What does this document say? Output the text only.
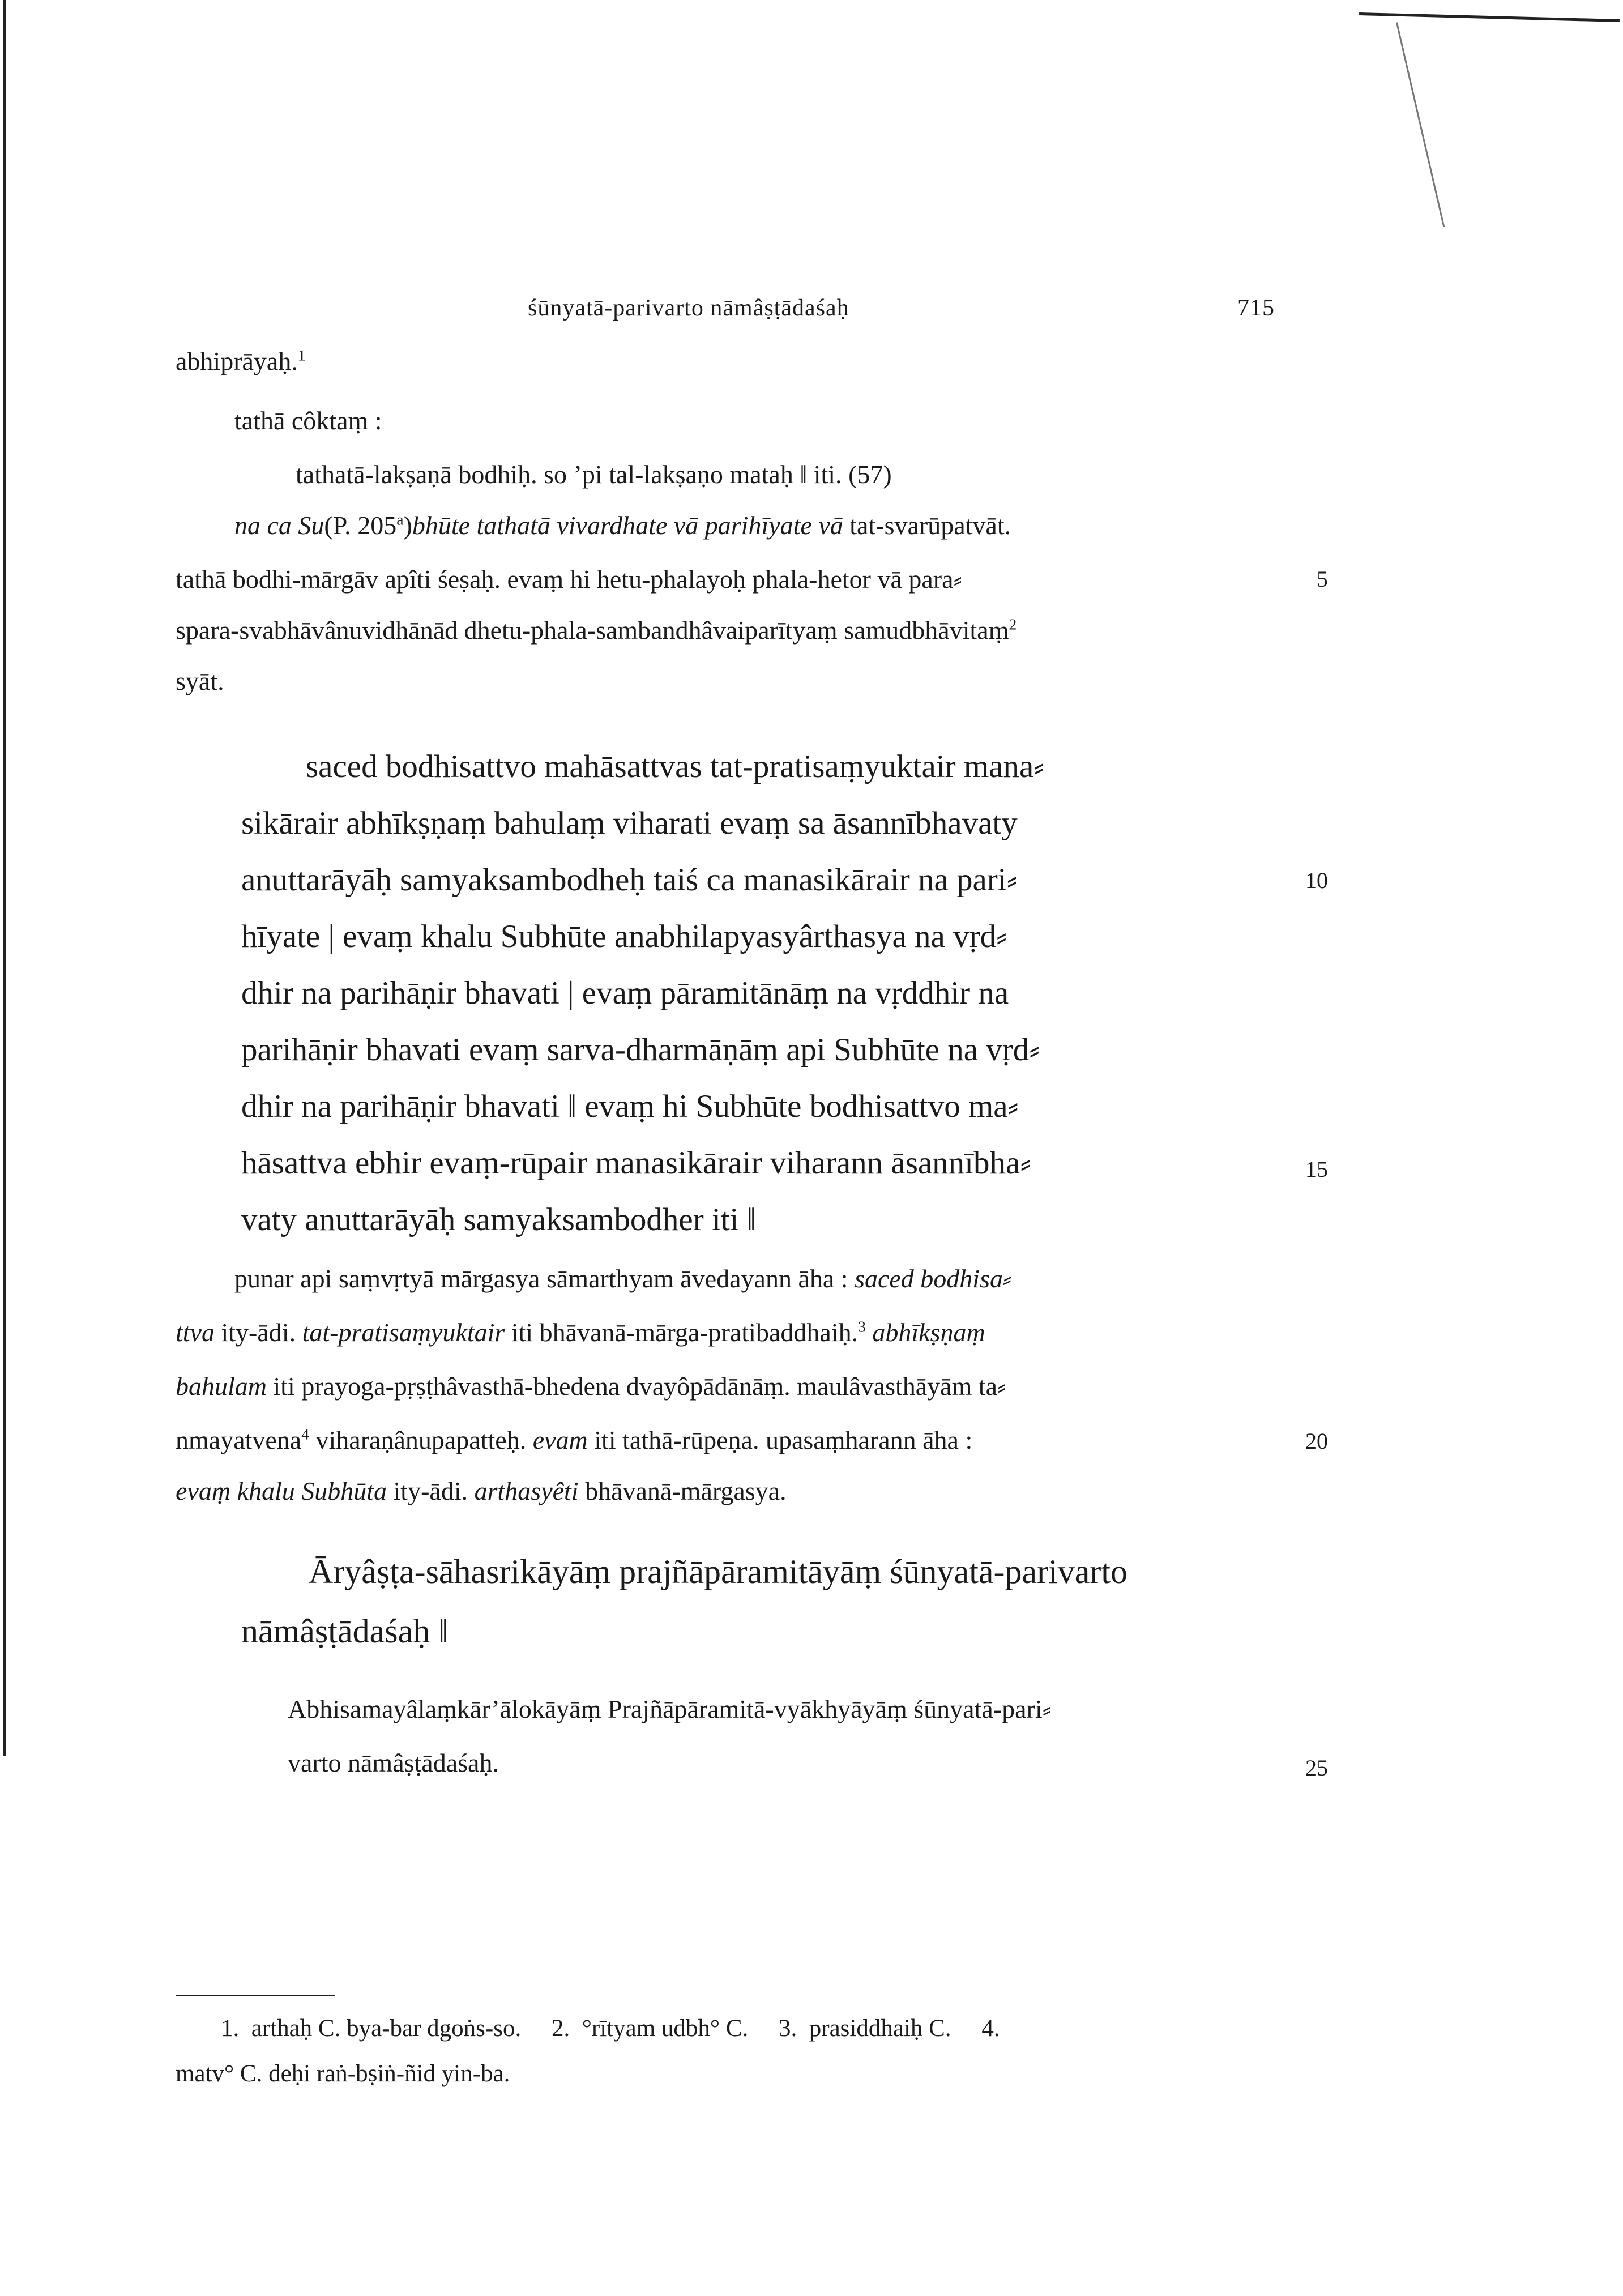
śūnyatā-parivarto nāmâṣṭādaśaḥ	715
abhiprāyaḥ.$^1$
tathā côktaṃ :
tathatā-lakṣaṇā bodhiḥ. so ’pi tal-lakṣaṇo mataḥ ‖ iti. (57)
na ca Su(P. 205$^a$)bhūte tathatā vivardhate vā parihīyate vā tat-svarūpatvāt.
tathā bodhi-mārgāv apîti śeṣaḥ. evaṃ hi hetu-phalayoḥ phala-hetor vā para⸗
spara-svabhāvânuvidhānād dhetu-phala-sambandhâvaiparītyaṃ samudbhāvitaṃ$^2$
syāt.
saced bodhisattvo mahāsattvas tat-pratisaṃyuktair mana⸗
sikārair abhīkṣṇaṃ bahulaṃ viharati evaṃ sa āsannībhavaty
anuttarāyāḥ samyaksambodheḥ taiś ca manasikārair na pari⸗
hīyate | evaṃ khalu Subhūte anabhilapyasyârthasya na vṛd⸗
dhir na parihāṇir bhavati | evaṃ pāramitānāṃ na vṛddhir na
parihāṇir bhavati evaṃ sarva-dharmāṇāṃ api Subhūte na vṛd⸗
dhir na parihāṇir bhavati ‖ evaṃ hi Subhūte bodhisattvo ma⸗
hāsattva ebhir evaṃ-rūpair manasikārair viharann āsannībha⸗
vaty anuttarāyāḥ samyaksambodher iti ‖
punar api saṃvṛtyā mārgasya sāmarthyam āvedayann āha : saced bodhisa⸗
ttva ity-ādi. tat-pratisaṃyuktair iti bhāvanā-mārga-pratibaddhaiḥ.$^3$ abhīkṣṇaṃ
bahulam iti prayoga-pṛṣṭhâvasthā-bhedena dvayôpādānāṃ. maulâvasthāyām ta⸗
nmayatvena$^4$ viharaṇânupapatteḥ. evam iti tathā-rūpeṇa. upasaṃharann āha :
evaṃ khalu Subhūta ity-ādi. arthasyêti bhāvanā-mārgasya.
Āryâṣṭa-sāhasrikāyāṃ prajñāpāramitāyāṃ śūnyatā-parivarto
nāmâṣṭādaśaḥ ‖
Abhisamayâlaṃkār’ālokāyāṃ Prajñāpāramitā-vyākhyāyāṃ śūnyatā-pari⸗
varto nāmâṣṭādaśaḥ.
5
10
15
20
25
1.  arthaḥ C. bya-bar dgoṅs-so.     2.  °rītyam udbh° C.     3.  prasiddhaiḥ C.     4.
matv° C. deḥi raṅ-bṣiṅ-ñid yin-ba.
